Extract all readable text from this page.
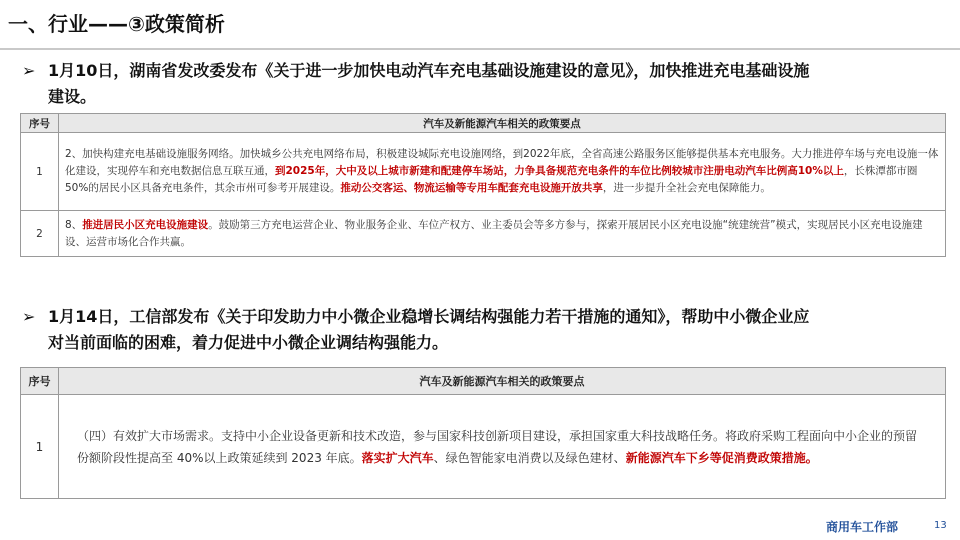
一、行业——③政策简析
➢ 1月10日，湖南省发改委发布《关于进一步加快电动汽车充电基础设施建设的意见》，加快推进充电基础设施
建设。
序号	汽车及新能源汽车相关的政策要点
1	2、加快构建充电基础设施服务网络。加快城乡公共充电网络布局，积极建设城际充电设施网络，到2022年底，全省高速公路服务区能够提供基本充电服务。大力推进停车场与充电设施一体化建设，实现停车和充电数据信息互联互通，到2025年，大中及以上城市新建和配建停车场站，力争具备规范充电条件的车位比例较城市注册电动汽车比例高10%以上，长株潭都市圈50%的居民小区具备充电条件，其余市州可参考开展建设。推动公交客运、物流运输等专用车配套充电设施开放共享，进一步提升全社会充电保障能力。
2	8、推进居民小区充电设施建设。鼓励第三方充电运营企业、物业服务企业、车位产权方、业主委员会等多方参与，探索开展居民小区充电设施“统建统营”模式，实现居民小区充电设施建设、运营市场化合作共赢。
➢ 1月14日，工信部发布《关于印发助力中小微企业稳增长调结构强能力若干措施的通知》，帮助中小微企业应
对当前面临的困难，着力促进中小微企业调结构强能力。
序号	汽车及新能源汽车相关的政策要点
1	（四）有效扩大市场需求。支持中小企业设备更新和技术改造，参与国家科技创新项目建设，承担国家重大科技战略任务。将政府采购工程面向中小企业的预留份额阶段性提高至 40%以上政策延续到 2023 年底。落实扩大汽车、绿色智能家电消费以及绿色建材、新能源汽车下乡等促消费政策措施。
商用车工作部	13
